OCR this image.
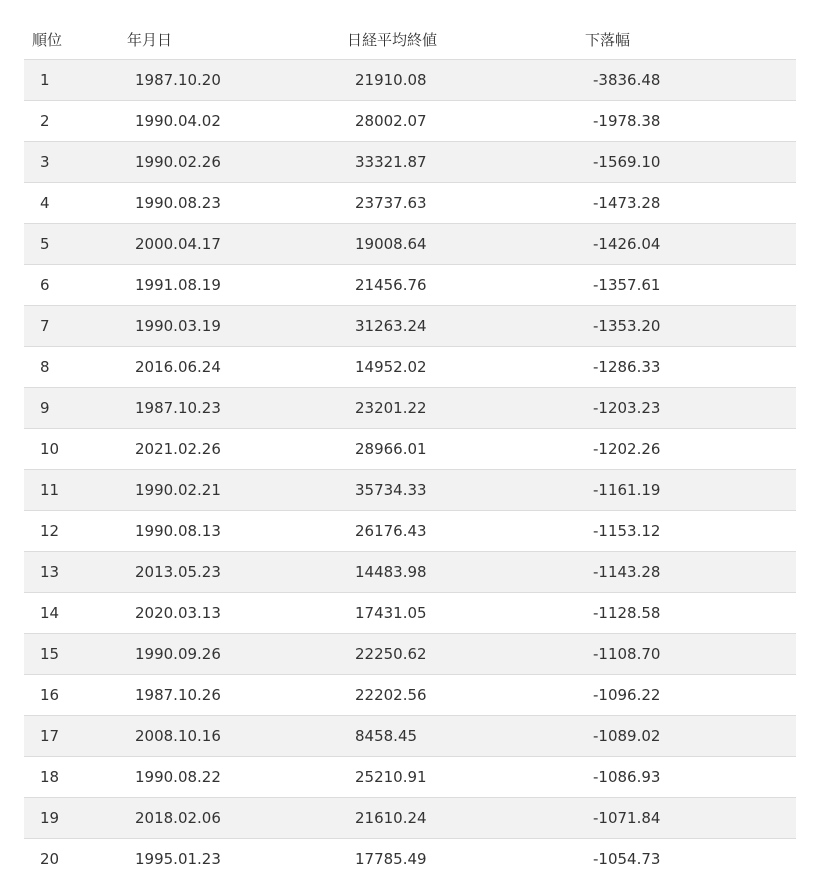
順位	年月日	日経平均終値	下落幅
1	1987.10.20	21910.08	-3836.48
2	1990.04.02	28002.07	-1978.38
3	1990.02.26	33321.87	-1569.10
4	1990.08.23	23737.63	-1473.28
5	2000.04.17	19008.64	-1426.04
6	1991.08.19	21456.76	-1357.61
7	1990.03.19	31263.24	-1353.20
8	2016.06.24	14952.02	-1286.33
9	1987.10.23	23201.22	-1203.23
10	2021.02.26	28966.01	-1202.26
11	1990.02.21	35734.33	-1161.19
12	1990.08.13	26176.43	-1153.12
13	2013.05.23	14483.98	-1143.28
14	2020.03.13	17431.05	-1128.58
15	1990.09.26	22250.62	-1108.70
16	1987.10.26	22202.56	-1096.22
17	2008.10.16	8458.45	-1089.02
18	1990.08.22	25210.91	-1086.93
19	2018.02.06	21610.24	-1071.84
20	1995.01.23	17785.49	-1054.73
